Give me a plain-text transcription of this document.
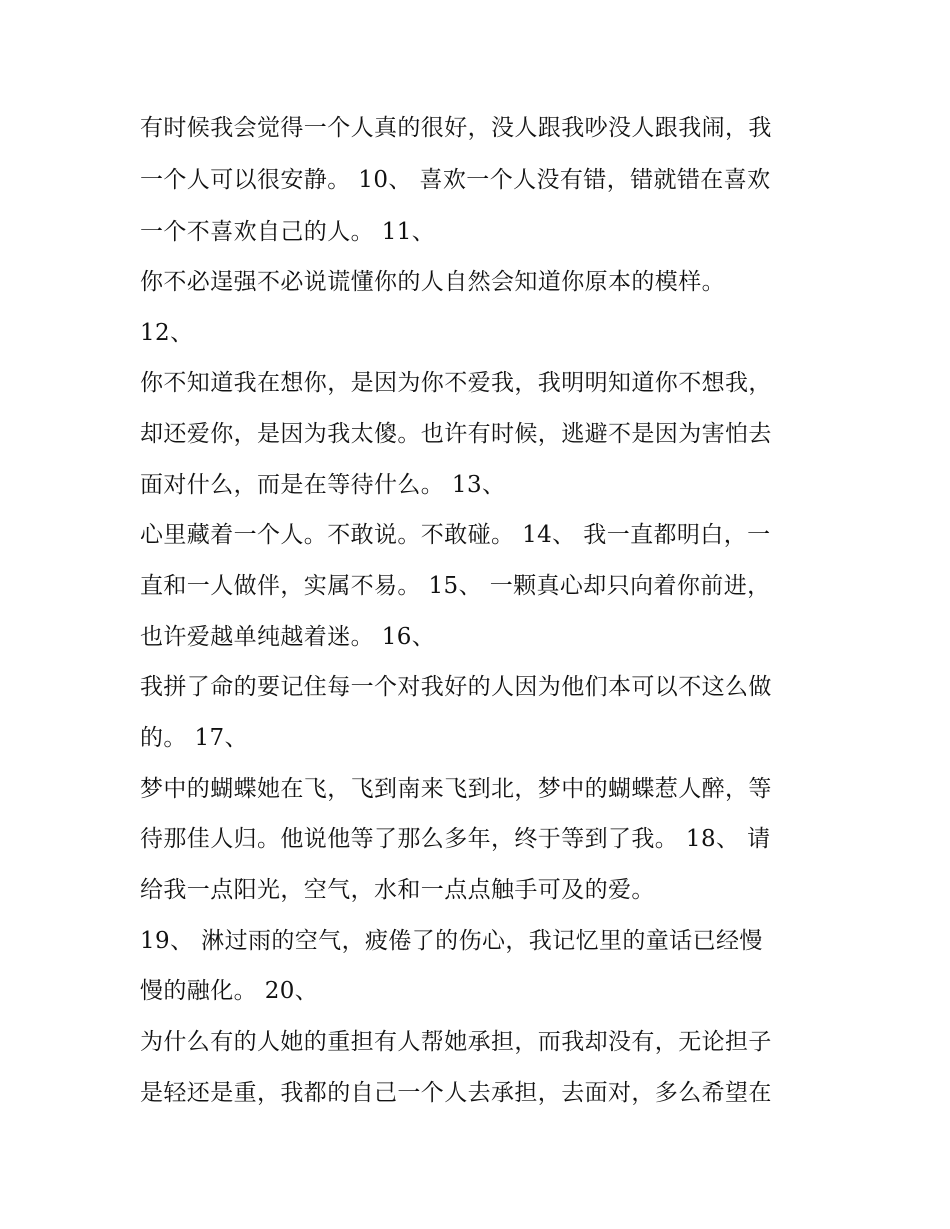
有时候我会觉得一个人真的很好，没人跟我吵没人跟我闹，我
一个人可以很安静。 10、 喜欢一个人没有错，错就错在喜欢
一个不喜欢自己的人。 11、
你不必逞强不必说谎懂你的人自然会知道你原本的模样。
12、
你不知道我在想你，是因为你不爱我，我明明知道你不想我，
却还爱你，是因为我太傻。也许有时候，逃避不是因为害怕去
面对什么，而是在等待什么。 13、
心里藏着一个人。不敢说。不敢碰。 14、 我一直都明白，一
直和一人做伴，实属不易。 15、 一颗真心却只向着你前进，
也许爱越单纯越着迷。 16、
我拼了命的要记住每一个对我好的人因为他们本可以不这么做
的。 17、
梦中的蝴蝶她在飞，飞到南来飞到北，梦中的蝴蝶惹人醉，等
待那佳人归。他说他等了那么多年，终于等到了我。 18、 请
给我一点阳光，空气，水和一点点触手可及的爱。
19、 淋过雨的空气，疲倦了的伤心，我记忆里的童话已经慢
慢的融化。 20、
为什么有的人她的重担有人帮她承担，而我却没有，无论担子
是轻还是重，我都的自己一个人去承担，去面对，多么希望在
